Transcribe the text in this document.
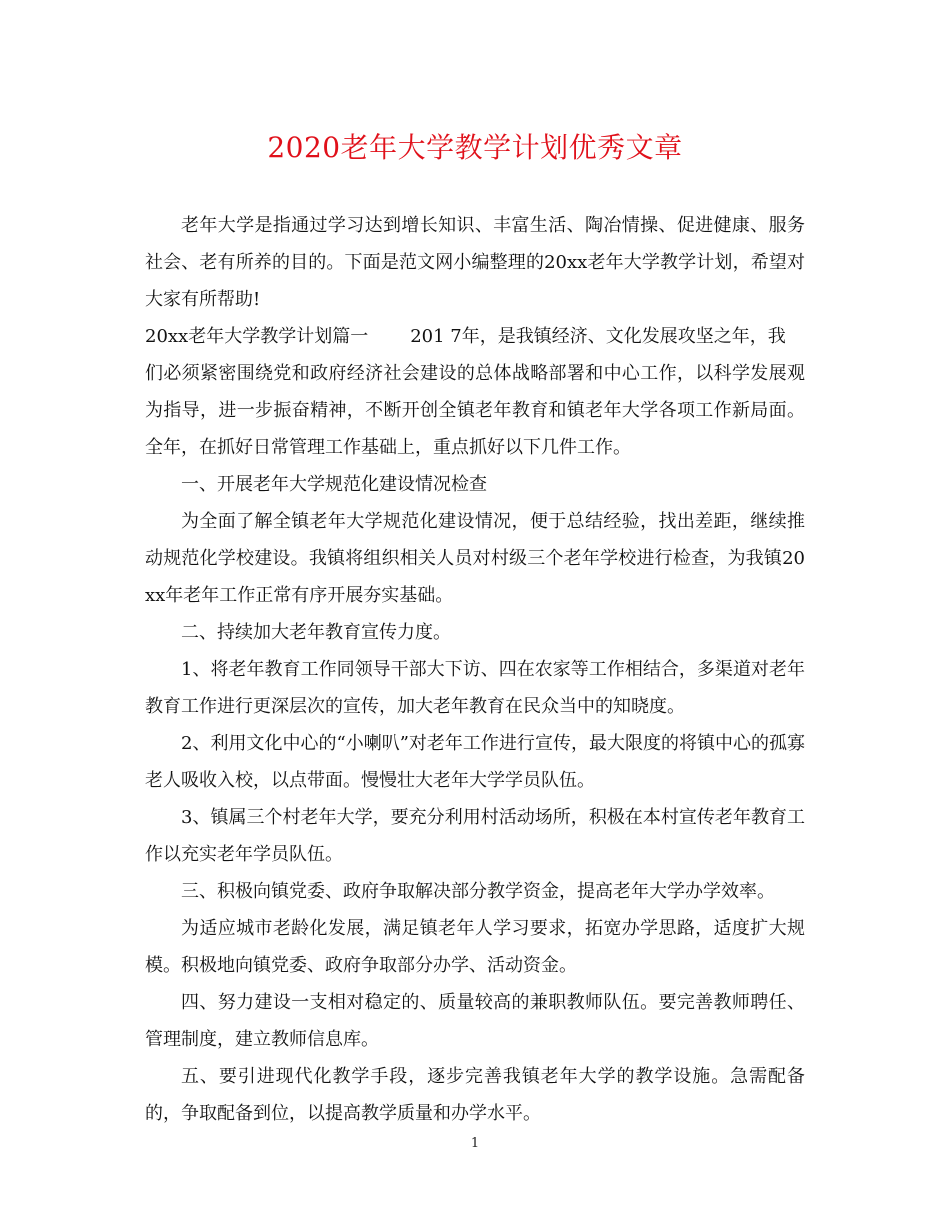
2020老年大学教学计划优秀文章

老年大学是指通过学习达到增长知识、丰富生活、陶冶情操、促进健康、服务社会、老有所养的目的。下面是范文网小编整理的20xx老年大学教学计划，希望对大家有所帮助!

20xx老年大学教学计划篇一 201 7年，是我镇经济、文化发展攻坚之年，我

们必须紧密围绕党和政府经济社会建设的总体战略部署和中心工作，以科学发展观为指导，进一步振奋精神，不断开创全镇老年教育和镇老年大学各项工作新局面。全年，在抓好日常管理工作基础上，重点抓好以下几件工作。

一、开展老年大学规范化建设情况检查

为全面了解全镇老年大学规范化建设情况，便于总结经验，找出差距，继续推动规范化学校建设。我镇将组织相关人员对村级三个老年学校进行检查，为我镇20xx年老年工作正常有序开展夯实基础。

二、持续加大老年教育宣传力度。

1、将老年教育工作同领导干部大下访、四在农家等工作相结合，多渠道对老年教育工作进行更深层次的宣传，加大老年教育在民众当中的知晓度。

2、利用文化中心的“小喇叭”对老年工作进行宣传，最大限度的将镇中心的孤寡老人吸收入校，以点带面。慢慢壮大老年大学学员队伍。

3、镇属三个村老年大学，要充分利用村活动场所，积极在本村宣传老年教育工作以充实老年学员队伍。

三、积极向镇党委、政府争取解决部分教学资金，提高老年大学办学效率。

为适应城市老龄化发展，满足镇老年人学习要求，拓宽办学思路，适度扩大规模。积极地向镇党委、政府争取部分办学、活动资金。

四、努力建设一支相对稳定的、质量较高的兼职教师队伍。要完善教师聘任、管理制度，建立教师信息库。

五、要引进现代化教学手段，逐步完善我镇老年大学的教学设施。急需配备的，争取配备到位，以提高教学质量和办学水平。

1
